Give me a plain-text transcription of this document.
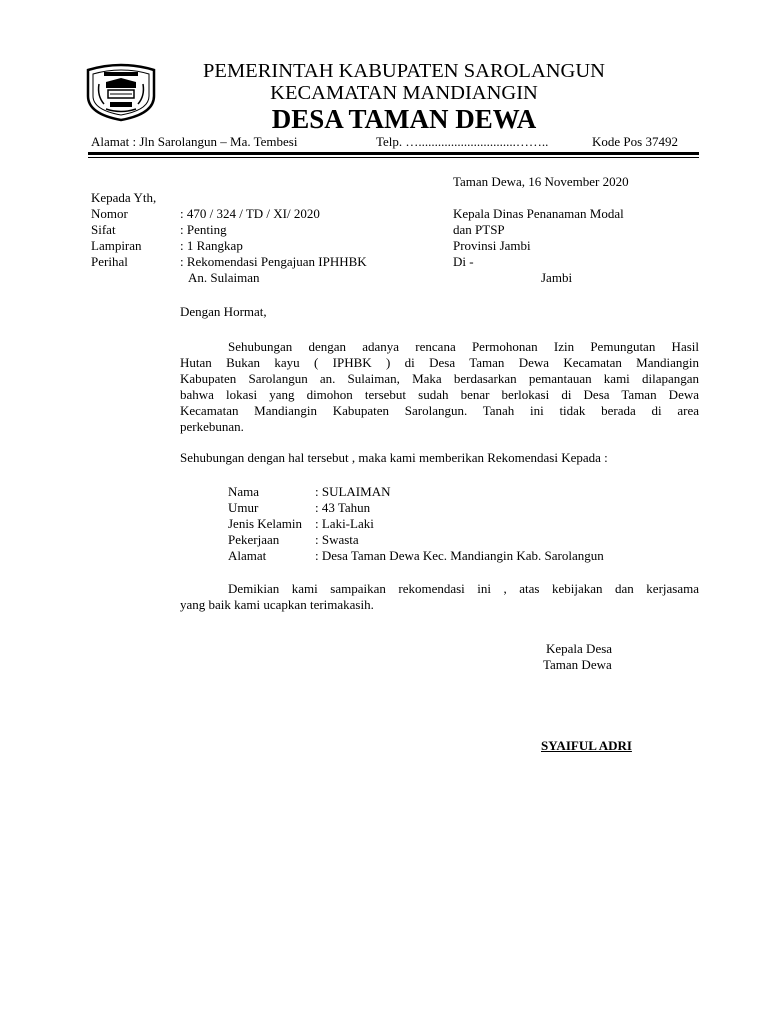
PEMERINTAH KABUPATEN SAROLANGUN
KECAMATAN MANDIANGIN
DESA TAMAN DEWA
Alamat : Jln Sarolangun – Ma. Tembesi	Telp. …..............................……..	Kode Pos 37492
Taman Dewa, 16 November 2020
Kepada Yth,
Nomor	: 470 / 324 / TD / XI/ 2020
Sifat	: Penting
Lampiran	: 1 Rangkap
Perihal	: Rekomendasi Pengajuan IPHHBK
An. Sulaiman
Kepala Dinas Penanaman Modal
dan PTSP
Provinsi Jambi
Di -
Jambi
Dengan Hormat,
Sehubungan dengan adanya rencana Permohonan Izin Pemungutan Hasil
Hutan Bukan kayu ( IPHBK ) di Desa Taman Dewa Kecamatan Mandiangin
Kabupaten Sarolangun an. Sulaiman, Maka berdasarkan pemantauan kami dilapangan
bahwa lokasi yang dimohon tersebut sudah benar berlokasi di Desa Taman Dewa
Kecamatan Mandiangin Kabupaten Sarolangun. Tanah ini tidak berada di area
perkebunan.
Sehubungan dengan hal tersebut , maka kami memberikan Rekomendasi Kepada :
Nama	: SULAIMAN
Umur	: 43 Tahun
Jenis Kelamin : Laki-Laki
Pekerjaan	: Swasta
Alamat	: Desa Taman Dewa Kec. Mandiangin Kab. Sarolangun
Demikian kami sampaikan rekomendasi ini , atas kebijakan dan kerjasama
yang baik kami ucapkan terimakasih.
Kepala Desa
Taman Dewa
SYAIFUL ADRI
